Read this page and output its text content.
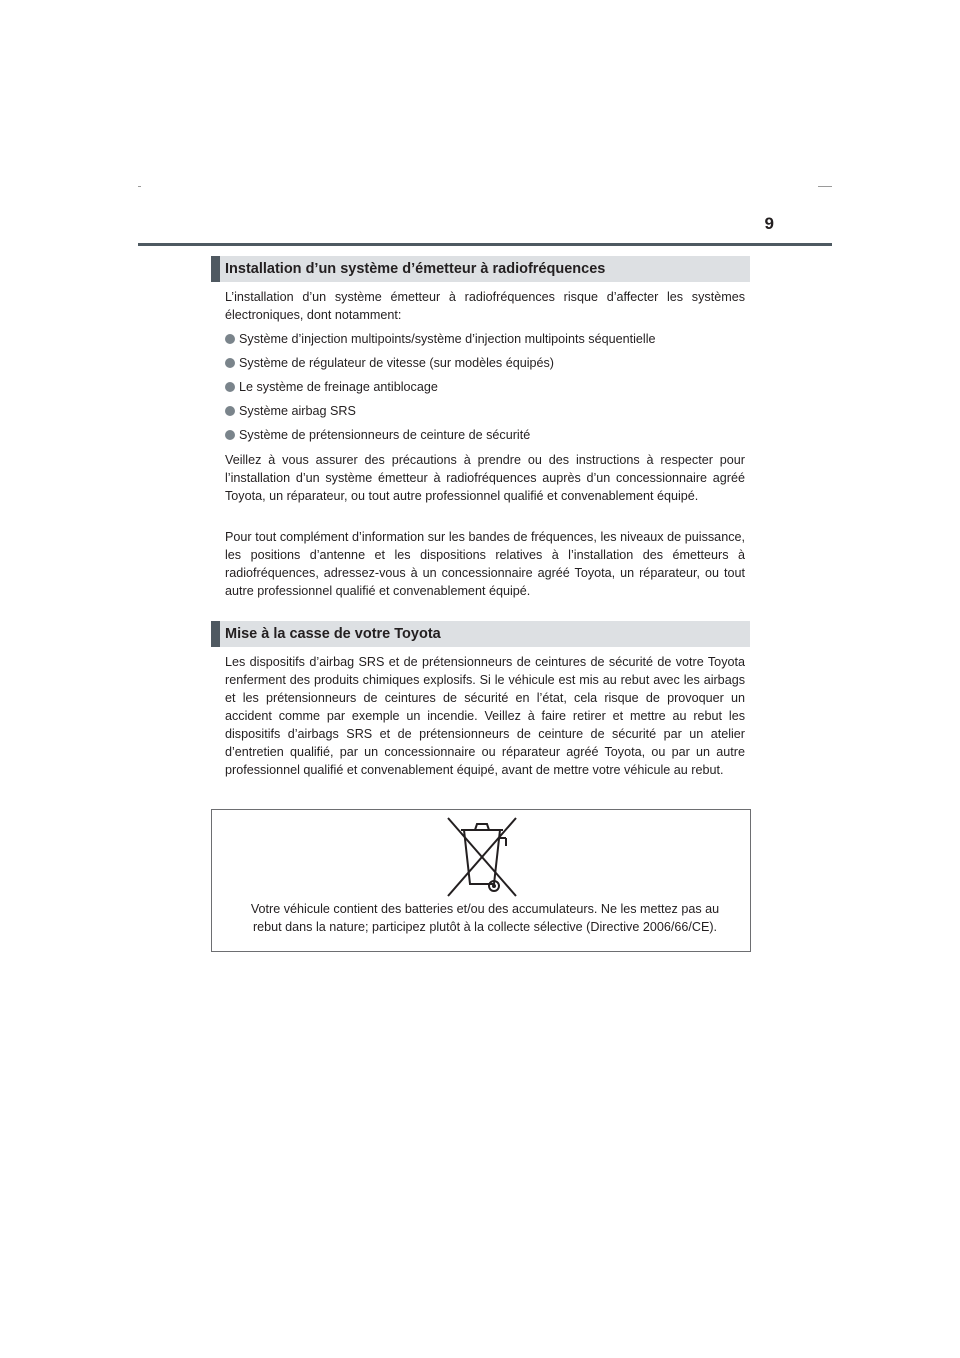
9
Installation d’un système d’émetteur à radiofréquences

L’installation d’un système émetteur à radiofréquences risque d’affecter les systèmes électroniques, dont notamment:

Système d’injection multipoints/système d’injection multipoints séquentielle
Système de régulateur de vitesse (sur modèles équipés)
Le système de freinage antiblocage
Système airbag SRS
Système de prétensionneurs de ceinture de sécurité

Veillez à vous assurer des précautions à prendre ou des instructions à respecter pour l’installation d’un système émetteur à radiofréquences auprès d’un concessionnaire agréé Toyota, un réparateur, ou tout autre professionnel qualifié et convenablement équipé.

Pour tout complément d’information sur les bandes de fréquences, les niveaux de puissance, les positions d’antenne et les dispositions relatives à l’installation des émetteurs à radiofréquences, adressez-vous à un concessionnaire agréé Toyota, un réparateur, ou tout autre professionnel qualifié et convenablement équipé.

Mise à la casse de votre Toyota

Les dispositifs d’airbag SRS et de prétensionneurs de ceintures de sécurité de votre Toyota renferment des produits chimiques explosifs. Si le véhicule est mis au rebut avec les airbags et les prétensionneurs de ceintures de sécurité en l’état, cela risque de provoquer un accident comme par exemple un incendie. Veillez à faire retirer et mettre au rebut les dispositifs d’airbags SRS et de prétensionneurs de ceinture de sécurité par un atelier d’entretien qualifié, par un concessionnaire ou réparateur agréé Toyota, ou par un autre professionnel qualifié et convenablement équipé, avant de mettre votre véhicule au rebut.

Votre véhicule contient des batteries et/ou des accumulateurs. Ne les mettez pas au
rebut dans la nature; participez plutôt à la collecte sélective (Directive 2006/66/CE).
